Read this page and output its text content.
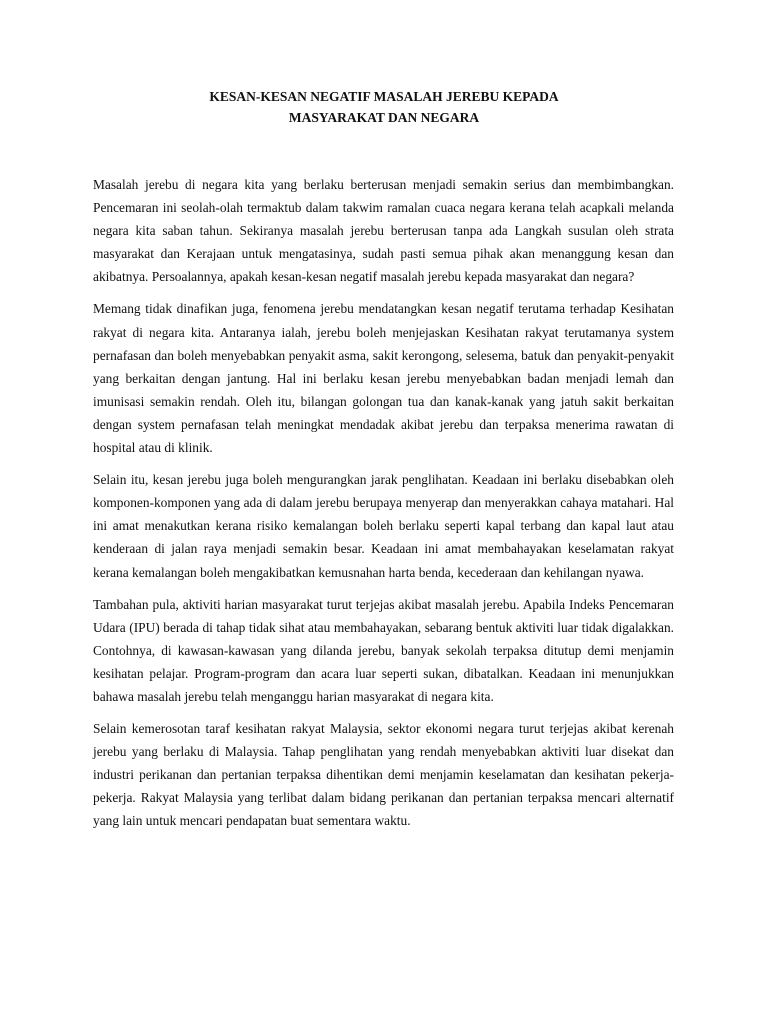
KESAN-KESAN NEGATIF MASALAH JEREBU KEPADA
MASYARAKAT DAN NEGARA

Masalah jerebu di negara kita yang berlaku berterusan menjadi semakin serius dan membimbangkan. Pencemaran ini seolah-olah termaktub dalam takwim ramalan cuaca negara kerana telah acapkali melanda negara kita saban tahun. Sekiranya masalah jerebu berterusan tanpa ada Langkah susulan oleh strata masyarakat dan Kerajaan untuk mengatasinya, sudah pasti semua pihak akan menanggung kesan dan akibatnya. Persoalannya, apakah kesan-kesan negatif masalah jerebu kepada masyarakat dan negara?

Memang tidak dinafikan juga, fenomena jerebu mendatangkan kesan negatif terutama terhadap Kesihatan rakyat di negara kita. Antaranya ialah, jerebu boleh menjejaskan Kesihatan rakyat terutamanya system pernafasan dan boleh menyebabkan penyakit asma, sakit kerongong, selesema, batuk dan penyakit-penyakit yang berkaitan dengan jantung. Hal ini berlaku kesan jerebu menyebabkan badan menjadi lemah dan imunisasi semakin rendah. Oleh itu, bilangan golongan tua dan kanak-kanak yang jatuh sakit berkaitan dengan system pernafasan telah meningkat mendadak akibat jerebu dan terpaksa menerima rawatan di hospital atau di klinik.

Selain itu, kesan jerebu juga boleh mengurangkan jarak penglihatan. Keadaan ini berlaku disebabkan oleh komponen-komponen yang ada di dalam jerebu berupaya menyerap dan menyerakkan cahaya matahari. Hal ini amat menakutkan kerana risiko kemalangan boleh berlaku seperti kapal terbang dan kapal laut atau kenderaan di jalan raya menjadi semakin besar. Keadaan ini amat membahayakan keselamatan rakyat kerana kemalangan boleh mengakibatkan kemusnahan harta benda, kecederaan dan kehilangan nyawa.

Tambahan pula, aktiviti harian masyarakat turut terjejas akibat masalah jerebu. Apabila Indeks Pencemaran Udara (IPU) berada di tahap tidak sihat atau membahayakan, sebarang bentuk aktiviti luar tidak digalakkan. Contohnya, di kawasan-kawasan yang dilanda jerebu, banyak sekolah terpaksa ditutup demi menjamin kesihatan pelajar. Program-program dan acara luar seperti sukan, dibatalkan. Keadaan ini menunjukkan bahawa masalah jerebu telah menganggu harian masyarakat di negara kita.

Selain kemerosotan taraf kesihatan rakyat Malaysia, sektor ekonomi negara turut terjejas akibat kerenah jerebu yang berlaku di Malaysia. Tahap penglihatan yang rendah menyebabkan aktiviti luar disekat dan industri perikanan dan pertanian terpaksa dihentikan demi menjamin keselamatan dan kesihatan pekerja-pekerja. Rakyat Malaysia yang terlibat dalam bidang perikanan dan pertanian terpaksa mencari alternatif yang lain untuk mencari pendapatan buat sementara waktu.
